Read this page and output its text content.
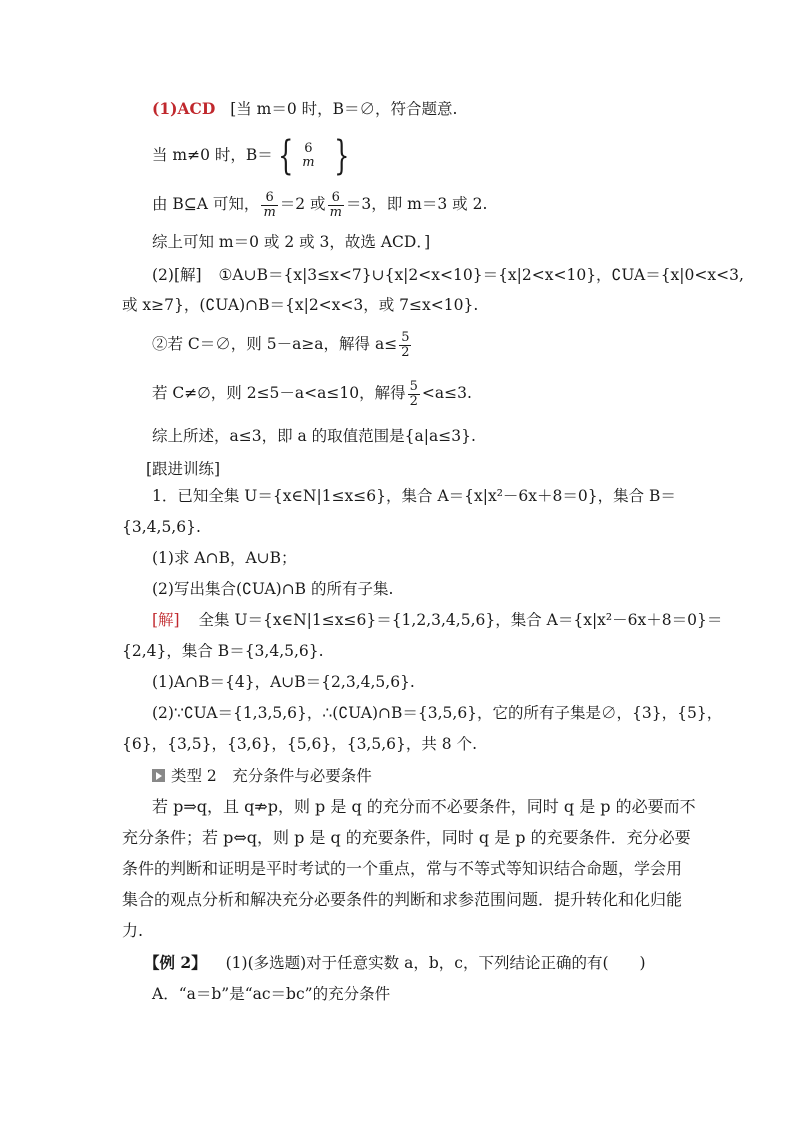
(1)ACD [当 m＝0 时，B＝∅，符合题意.
当 m≠0 时，B＝ { 6
m }
由 B⊆A 可知， $\frac{6}{m} =2$ 或 $\frac{6}{m} =3$，即 m＝3 或 2.
综上可知 m＝0 或 2 或 3，故选 ACD．]
(2)[解] ①A∪B＝{x|3≤x<7}∪{x|2<x<10}＝{x|2<x<10}，∁UA＝{x|0<x<3,
或 x≥7}，(∁UA)∩B＝{x|2<x<3，或 7≤x<10}.
②若 C＝∅，则 5－a≥a，解得 $a\le \frac{5}{2}$
若 C≠∅，则 2≤5－a<a≤10，解得 $\frac{5}{2} <a\le 3$.
综上所述，a≤3，即 a 的取值范围是{a|a≤3}.
[跟进训练]
1．已知全集 U＝{x∈N|1≤x≤6}，集合 A＝{x|x²－6x＋8＝0}，集合 B＝
{3,4,5,6}.
(1)求 A∩B，A∪B；
(2)写出集合(∁UA)∩B 的所有子集.
[解] 全集 U＝{x∈N|1≤x≤6}＝{1,2,3,4,5,6}，集合 A＝{x|x²－6x＋8＝0}＝
{2,4}，集合 B＝{3,4,5,6}.
(1)A∩B＝{4}，A∪B＝{2,3,4,5,6}.
(2)∵∁UA＝{1,3,5,6}，∴(∁UA)∩B＝{3,5,6}，它的所有子集是∅，{3}，{5}，
{6}，{3,5}，{3,6}，{5,6}，{3,5,6}，共 8 个.
类型 2　充分条件与必要条件
若 p⇒q，且 q⇏p，则 p 是 q 的充分而不必要条件，同时 q 是 p 的必要而不
充分条件；若 p⇔q，则 p 是 q 的充要条件，同时 q 是 p 的充要条件．充分必要
条件的判断和证明是平时考试的一个重点，常与不等式等知识结合命题，学会用
集合的观点分析和解决充分必要条件的判断和求参范围问题．提升转化和化归能
力.
【例 2】 (1)(多选题)对于任意实数 a，b，c，下列结论正确的有(　　)
A．“a＝b”是“ac＝bc”的充分条件
